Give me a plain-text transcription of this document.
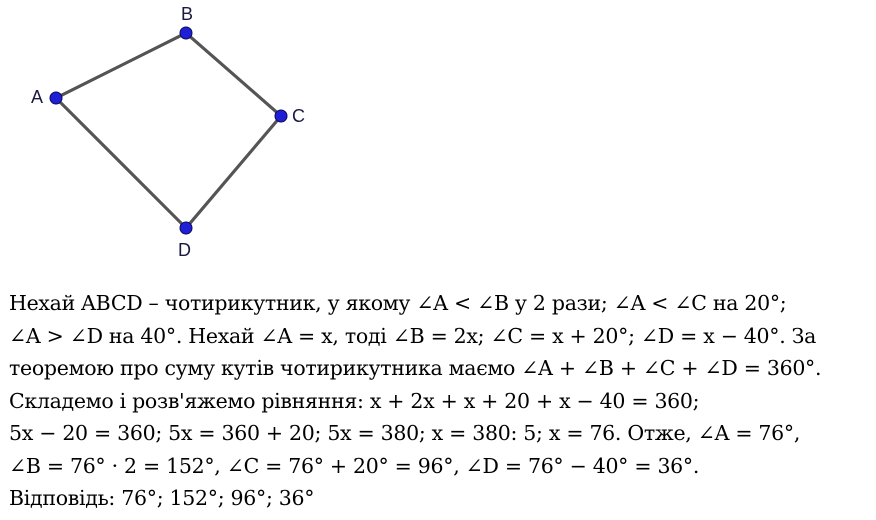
A
B
C
D
Нехай ABCD – чотирикутник, у якому ∠A < ∠B у 2 рази; ∠A < ∠C на 20°;
∠A > ∠D на 40°. Нехай ∠A = x, тоді ∠B = 2x; ∠C = x + 20°; ∠D = x − 40°. За
теоремою про суму кутів чотирикутника маємо ∠A + ∠B + ∠C + ∠D = 360°.
Складемо і розв'яжемо рівняння: x + 2x + x + 20 + x − 40 = 360;
5x − 20 = 360; 5x = 360 + 20; 5x = 380; x = 380: 5; x = 76. Отже, ∠A = 76°,
∠B = 76° · 2 = 152°, ∠C = 76° + 20° = 96°, ∠D = 76° − 40° = 36°.
Відповідь: 76°; 152°; 96°; 36°
